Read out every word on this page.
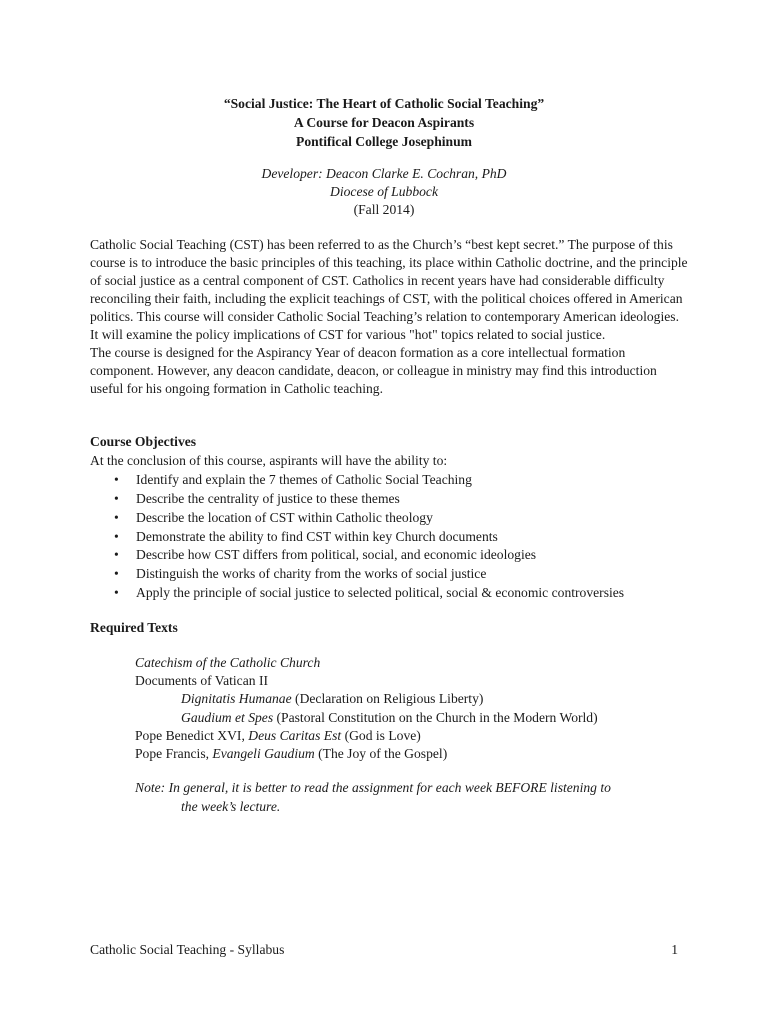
“Social Justice: The Heart of Catholic Social Teaching”
A Course for Deacon Aspirants
Pontifical College Josephinum
Developer: Deacon Clarke E. Cochran, PhD
Diocese of Lubbock
(Fall 2014)

Catholic Social Teaching (CST) has been referred to as the Church’s “best kept secret.” The purpose of this course is to introduce the basic principles of this teaching, its place within Catholic doctrine, and the principle of social justice as a central component of CST. Catholics in recent years have had considerable difficulty reconciling their faith, including the explicit teachings of CST, with the political choices offered in American politics. This course will consider Catholic Social Teaching’s relation to contemporary American ideologies. It will examine the policy implications of CST for various "hot" topics related to social justice.

The course is designed for the Aspirancy Year of deacon formation as a core intellectual formation component. However, any deacon candidate, deacon, or colleague in ministry may find this introduction useful for his ongoing formation in Catholic teaching.

Course Objectives
At the conclusion of this course, aspirants will have the ability to:
• Identify and explain the 7 themes of Catholic Social Teaching
• Describe the centrality of justice to these themes
• Describe the location of CST within Catholic theology
• Demonstrate the ability to find CST within key Church documents
• Describe how CST differs from political, social, and economic ideologies
• Distinguish the works of charity from the works of social justice
• Apply the principle of social justice to selected political, social & economic controversies
Required Texts
Catechism of the Catholic Church
Documents of Vatican II
Dignitatis Humanae (Declaration on Religious Liberty)
Gaudium et Spes (Pastoral Constitution on the Church in the Modern World)
Pope Benedict XVI, Deus Caritas Est (God is Love)
Pope Francis, Evangeli Gaudium (The Joy of the Gospel)
Note: In general, it is better to read the assignment for each week BEFORE listening to
the week’s lecture.
Catholic Social Teaching - Syllabus	1
